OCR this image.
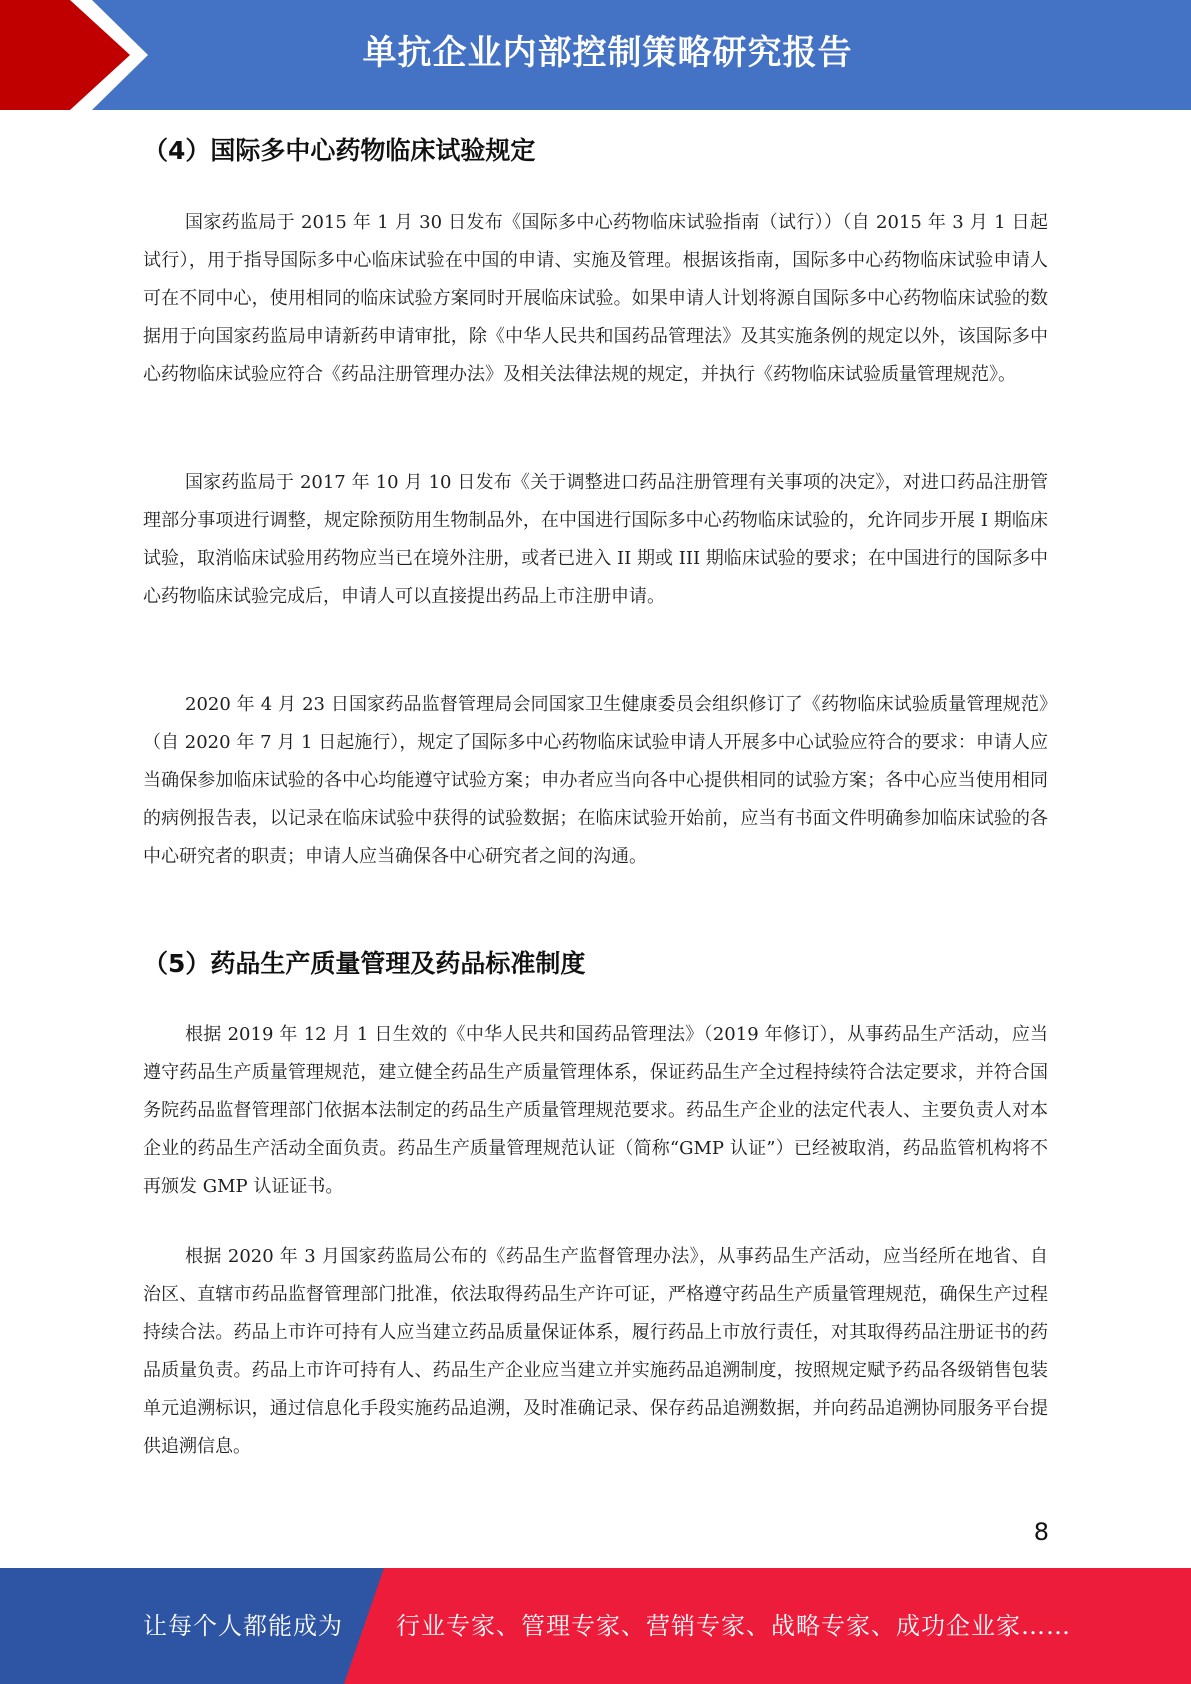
单抗企业内部控制策略研究报告
（4）国际多中心药物临床试验规定

国家药监局于 2015 年 1 月 30 日发布《国际多中心药物临床试验指南（试行））（自 2015 年 3 月 1 日起试行），用于指导国际多中心临床试验在中国的申请、实施及管理。根据该指南，国际多中心药物临床试验申请人可在不同中心，使用相同的临床试验方案同时开展临床试验。如果申请人计划将源自国际多中心药物临床试验的数据用于向国家药监局申请新药申请审批，除《中华人民共和国药品管理法》及其实施条例的规定以外，该国际多中心药物临床试验应符合《药品注册管理办法》及相关法律法规的规定，并执行《药物临床试验质量管理规范》。

国家药监局于 2017 年 10 月 10 日发布《关于调整进口药品注册管理有关事项的决定》，对进口药品注册管理部分事项进行调整，规定除预防用生物制品外，在中国进行国际多中心药物临床试验的，允许同步开展 I 期临床试验，取消临床试验用药物应当已在境外注册，或者已进入 II 期或 III 期临床试验的要求；在中国进行的国际多中心药物临床试验完成后，申请人可以直接提出药品上市注册申请。

2020 年 4 月 23 日国家药品监督管理局会同国家卫生健康委员会组织修订了《药物临床试验质量管理规范》（自 2020 年 7 月 1 日起施行），规定了国际多中心药物临床试验申请人开展多中心试验应符合的要求：申请人应当确保参加临床试验的各中心均能遵守试验方案；申办者应当向各中心提供相同的试验方案；各中心应当使用相同的病例报告表，以记录在临床试验中获得的试验数据；在临床试验开始前，应当有书面文件明确参加临床试验的各中心研究者的职责；申请人应当确保各中心研究者之间的沟通。

（5）药品生产质量管理及药品标准制度

根据 2019 年 12 月 1 日生效的《中华人民共和国药品管理法》（2019 年修订），从事药品生产活动，应当遵守药品生产质量管理规范，建立健全药品生产质量管理体系，保证药品生产全过程持续符合法定要求，并符合国务院药品监督管理部门依据本法制定的药品生产质量管理规范要求。药品生产企业的法定代表人、主要负责人对本企业的药品生产活动全面负责。药品生产质量管理规范认证（简称“GMP 认证”）已经被取消，药品监管机构将不再颁发 GMP 认证证书。

根据 2020 年 3 月国家药监局公布的《药品生产监督管理办法》，从事药品生产活动，应当经所在地省、自治区、直辖市药品监督管理部门批准，依法取得药品生产许可证，严格遵守药品生产质量管理规范，确保生产过程持续合法。药品上市许可持有人应当建立药品质量保证体系，履行药品上市放行责任，对其取得药品注册证书的药品质量负责。药品上市许可持有人、药品生产企业应当建立并实施药品追溯制度，按照规定赋予药品各级销售包装单元追溯标识，通过信息化手段实施药品追溯，及时准确记录、保存药品追溯数据，并向药品追溯协同服务平台提供追溯信息。

8
让每个人都能成为 行业专家、管理专家、营销专家、战略专家、成功企业家……
